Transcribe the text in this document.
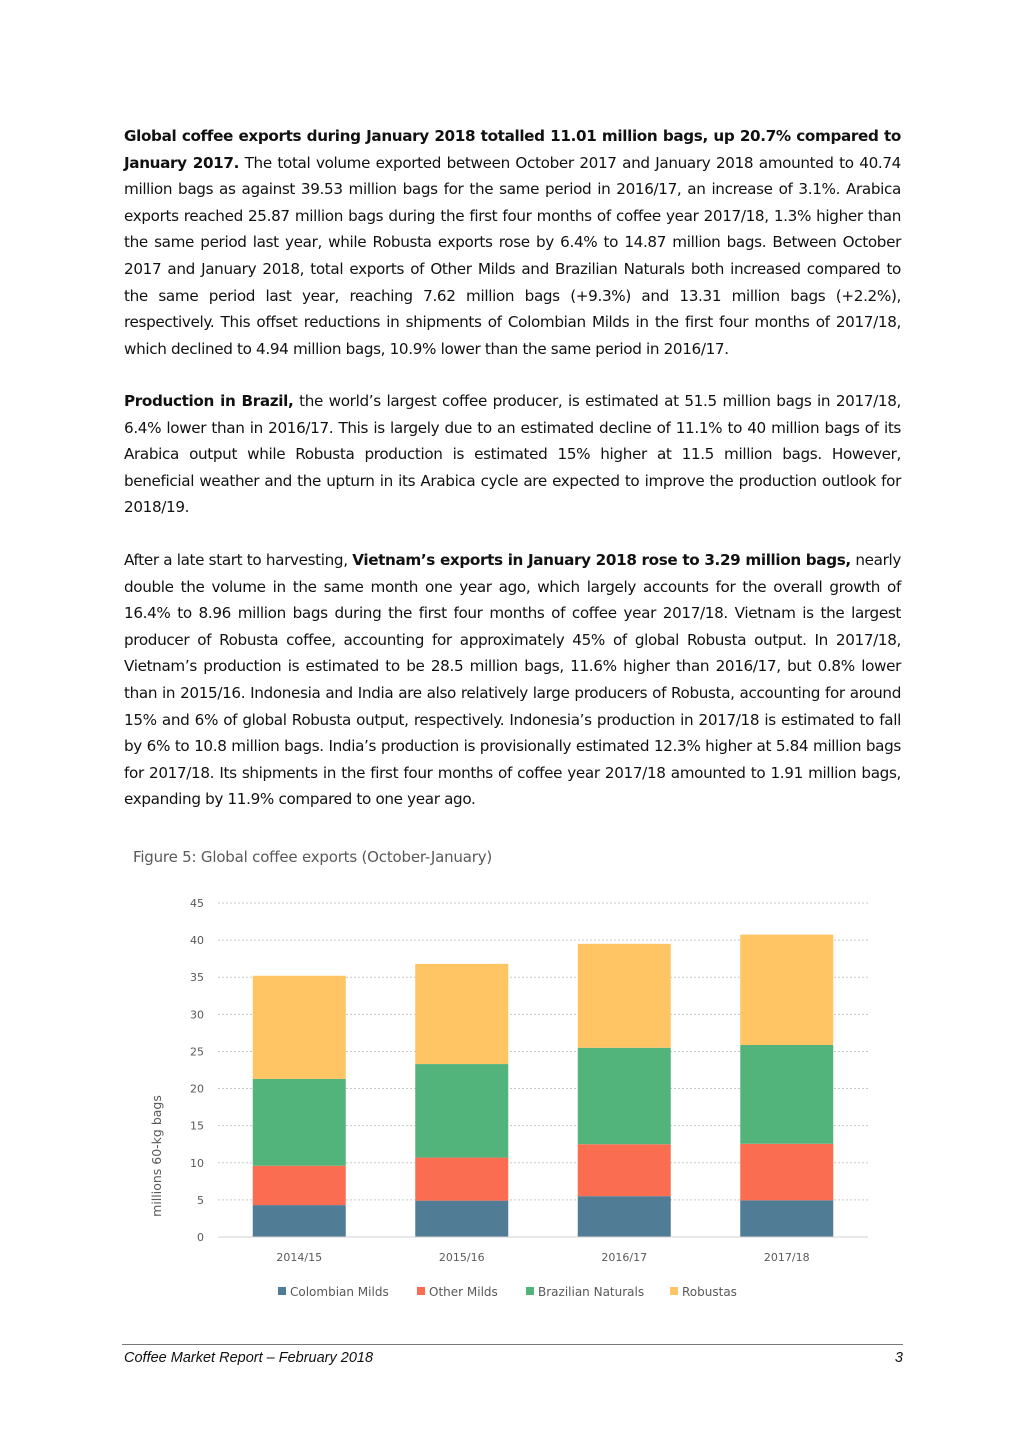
Global coffee exports during January 2018 totalled 11.01 million bags, up 20.7% compared to January 2017. The total volume exported between October 2017 and January 2018 amounted to 40.74 million bags as against 39.53 million bags for the same period in 2016/17, an increase of 3.1%. Arabica exports reached 25.87 million bags during the first four months of coffee year 2017/18, 1.3% higher than the same period last year, while Robusta exports rose by 6.4% to 14.87 million bags. Between October 2017 and January 2018, total exports of Other Milds and Brazilian Naturals both increased compared to the same period last year, reaching 7.62 million bags (+9.3%) and 13.31 million bags (+2.2%), respectively. This offset reductions in shipments of Colombian Milds in the first four months of 2017/18, which declined to 4.94 million bags, 10.9% lower than the same period in 2016/17.

Production in Brazil, the world’s largest coffee producer, is estimated at 51.5 million bags in 2017/18, 6.4% lower than in 2016/17. This is largely due to an estimated decline of 11.1% to 40 million bags of its Arabica output while Robusta production is estimated 15% higher at 11.5 million bags. However, beneficial weather and the upturn in its Arabica cycle are expected to improve the production outlook for 2018/19.

After a late start to harvesting, Vietnam’s exports in January 2018 rose to 3.29 million bags, nearly double the volume in the same month one year ago, which largely accounts for the overall growth of 16.4% to 8.96 million bags during the first four months of coffee year 2017/18. Vietnam is the largest producer of Robusta coffee, accounting for approximately 45% of global Robusta output. In 2017/18, Vietnam’s production is estimated to be 28.5 million bags, 11.6% higher than 2016/17, but 0.8% lower than in 2015/16. Indonesia and India are also relatively large producers of Robusta, accounting for around 15% and 6% of global Robusta output, respectively. Indonesia’s production in 2017/18 is estimated to fall by 6% to 10.8 million bags. India’s production is provisionally estimated 12.3% higher at 5.84 million bags for 2017/18. Its shipments in the first four months of coffee year 2017/18 amounted to 1.91 million bags, expanding by 11.9% compared to one year ago.

Figure 5: Global coffee exports (October-January)
0
5
10
15
20
25
30
35
40
45
millions 60-kg bags
2014/15	2015/16	2016/17	2017/18
Colombian Milds	Other Milds	Brazilian Naturals	Robustas
Coffee Market Report – February 2018	3
